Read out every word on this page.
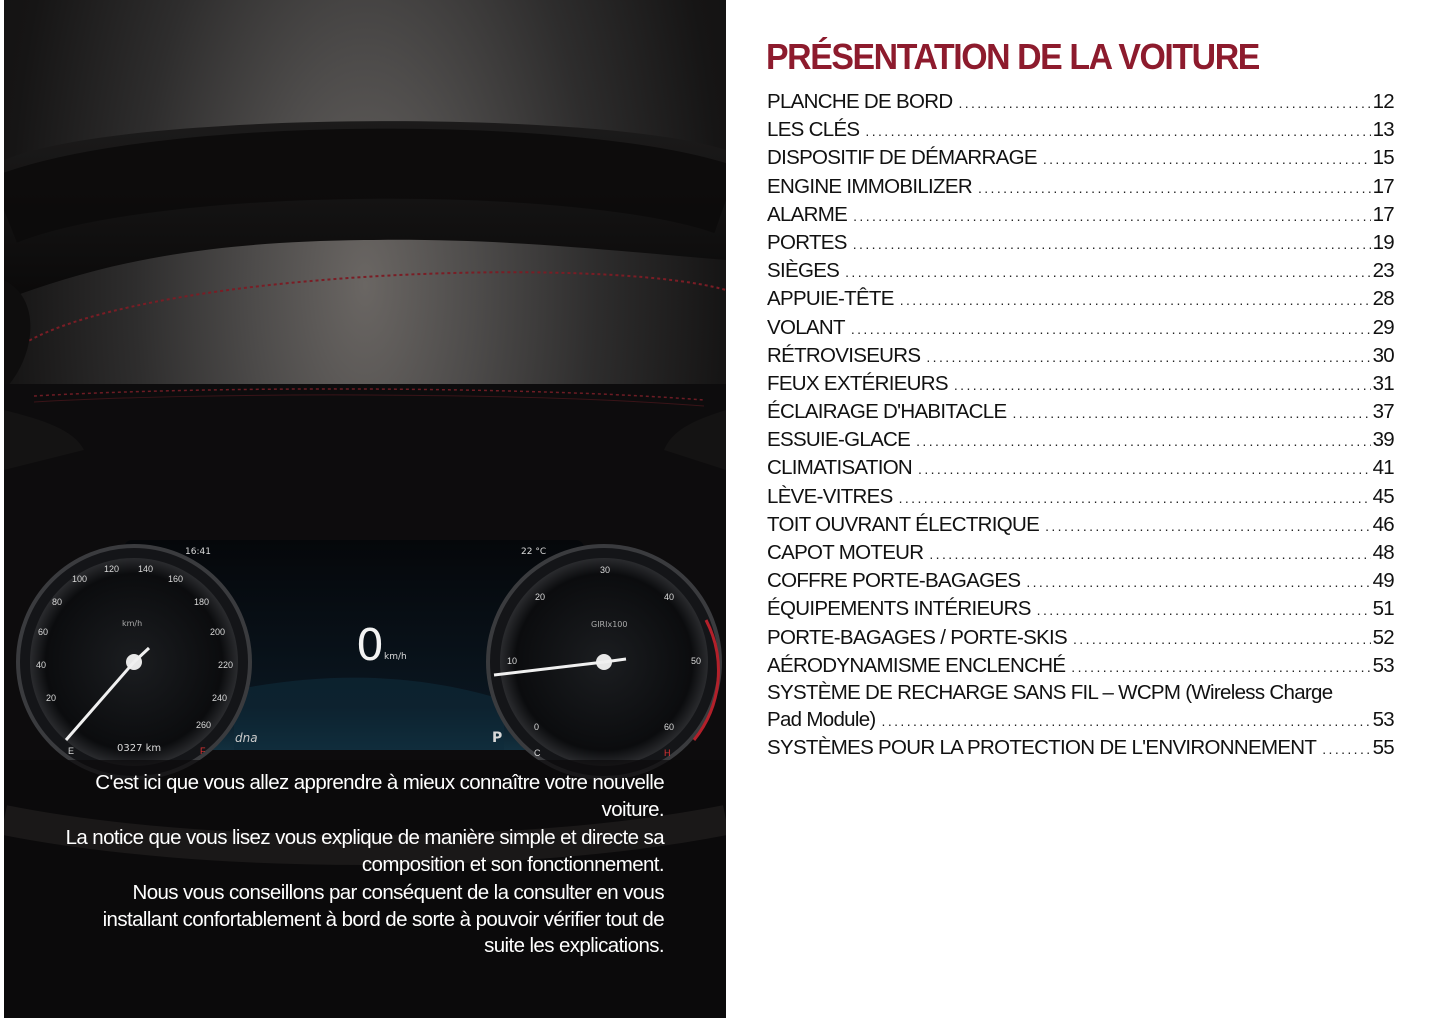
20
40
60
80
100
120 140
160
180
200
220
240
260	0
10
20
30
40
50
60
E	F	C	H
16:41	22 °C
km/h	GIRIx100
0 km/h
0327 km
dna	P

C'est ici que vous allez apprendre à mieux connaître votre nouvelle voiture.

La notice que vous lisez vous explique de manière simple et directe sa composition et son fonctionnement.

Nous vous conseillons par conséquent de la consulter en vous installant confortablement à bord de sorte à pouvoir vérifier tout de suite les explications.

PRÉSENTATION DE LA VOITURE
PLANCHE DE BORD .....	12
LES CLÉS .....	13
DISPOSITIF DE DÉMARRAGE .....	15
ENGINE IMMOBILIZER .....	17
ALARME .....	17
PORTES .....	19
SIÈGES .....	23
APPUIE-TÊTE .....	28
VOLANT .....	29
RÉTROVISEURS .....	30
FEUX EXTÉRIEURS .....	31
ÉCLAIRAGE D'HABITACLE .....	37
ESSUIE-GLACE .....	39
CLIMATISATION .....	41
LÈVE-VITRES .....	45
TOIT OUVRANT ÉLECTRIQUE .....	46
CAPOT MOTEUR .....	48
COFFRE PORTE-BAGAGES .....	49
ÉQUIPEMENTS INTÉRIEURS .....	51
PORTE-BAGAGES / PORTE-SKIS .....	52
AÉRODYNAMISME ENCLENCHÉ .....	53
SYSTÈME DE RECHARGE SANS FIL – WCPM (Wireless Charge
Pad Module) .....	53
SYSTÈMES POUR LA PROTECTION DE L'ENVIRONNEMENT .....	55
